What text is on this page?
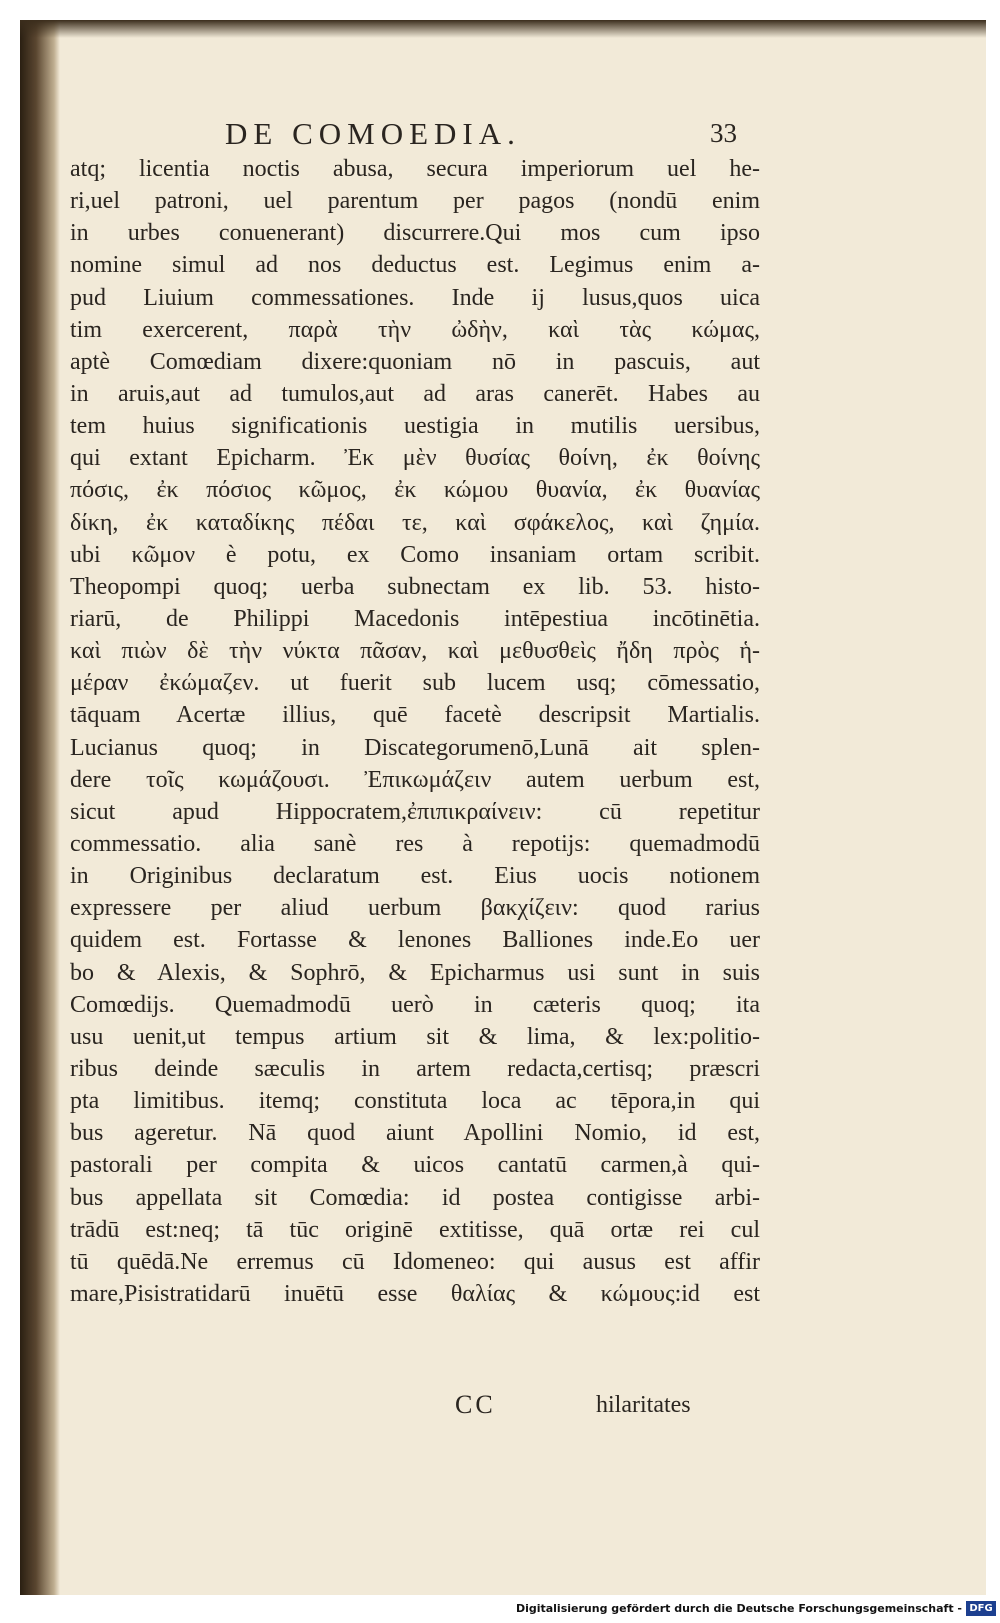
DE COMOEDIA.	33
atq; licentia noctis abusa, secura imperiorum uel he-
ri,uel patroni, uel parentum per pagos (nondū enim
in urbes conuenerant) discurrere.Qui mos cum ipso
nomine simul ad nos deductus est. Legimus enim a-
pud Liuium commessationes. Inde ij lusus,quos uica
tim exercerent, παρὰ τὴν ὠδὴν, καὶ τὰς κώμας,
aptè Comœdiam dixere:quoniam nō in pascuis, aut
in aruis,aut ad tumulos,aut ad aras canerēt. Habes au
tem huius significationis uestigia in mutilis uersibus,
qui extant Epicharm. Ἐκ μὲν θυσίας θοίνη, ἐκ θοίνης
πόσις, ἐκ πόσιος κῶμος, ἐκ κώμου θυανία, ἐκ θυανίας
δίκη, ἐκ καταδίκης πέδαι τε, καὶ σφάκελος, καὶ ζημία.
ubi κῶμον è potu, ex Como insaniam ortam scribit.
Theopompi quoq; uerba subnectam ex lib. 53. histo-
riarū, de Philippi Macedonis intēpestiua incōtinētia.
καὶ πιὼν δὲ τὴν νύκτα πᾶσαν, καὶ μεθυσθεὶς ἤδη πρὸς ἡ-
μέραν ἐκώμαζεν. ut fuerit sub lucem usq; cōmessatio,
tāquam Acertæ illius, quē facetè descripsit Martialis.
Lucianus quoq; in Discategorumenō,Lunā ait splen-
dere τοῖς κωμάζουσι. Ἐπικωμάζειν autem uerbum est,
sicut apud Hippocratem,ἐπιπικραίνειν: cū repetitur
commessatio. alia sanè res à repotijs: quemadmodū
in Originibus declaratum est. Eius uocis notionem
expressere per aliud uerbum βακχίζειν: quod rarius
quidem est. Fortasse & lenones Balliones inde.Eo uer
bo & Alexis, & Sophrō, & Epicharmus usi sunt in suis
Comœdijs. Quemadmodū uerò in cæteris quoq; ita
usu uenit,ut tempus artium sit & lima, & lex:politio-
ribus deinde sæculis in artem redacta,certisq; præscri
pta limitibus. itemq; constituta loca ac tēpora,in qui
bus ageretur. Nā quod aiunt Apollini Nomio, id est,
pastorali per compita & uicos cantatū carmen,à qui-
bus appellata sit Comœdia: id postea contigisse arbi-
trādū est:neq; tā tūc originē extitisse, quā ortæ rei cul
tū quēdā.Ne erremus cū Idomeneo: qui ausus est affir
mare,Pisistratidarū inuētū esse θαλίας & κώμους:id est
CC	hilaritates
Digitalisierung gefördert durch die Deutsche Forschungsgemeinschaft - DFG
